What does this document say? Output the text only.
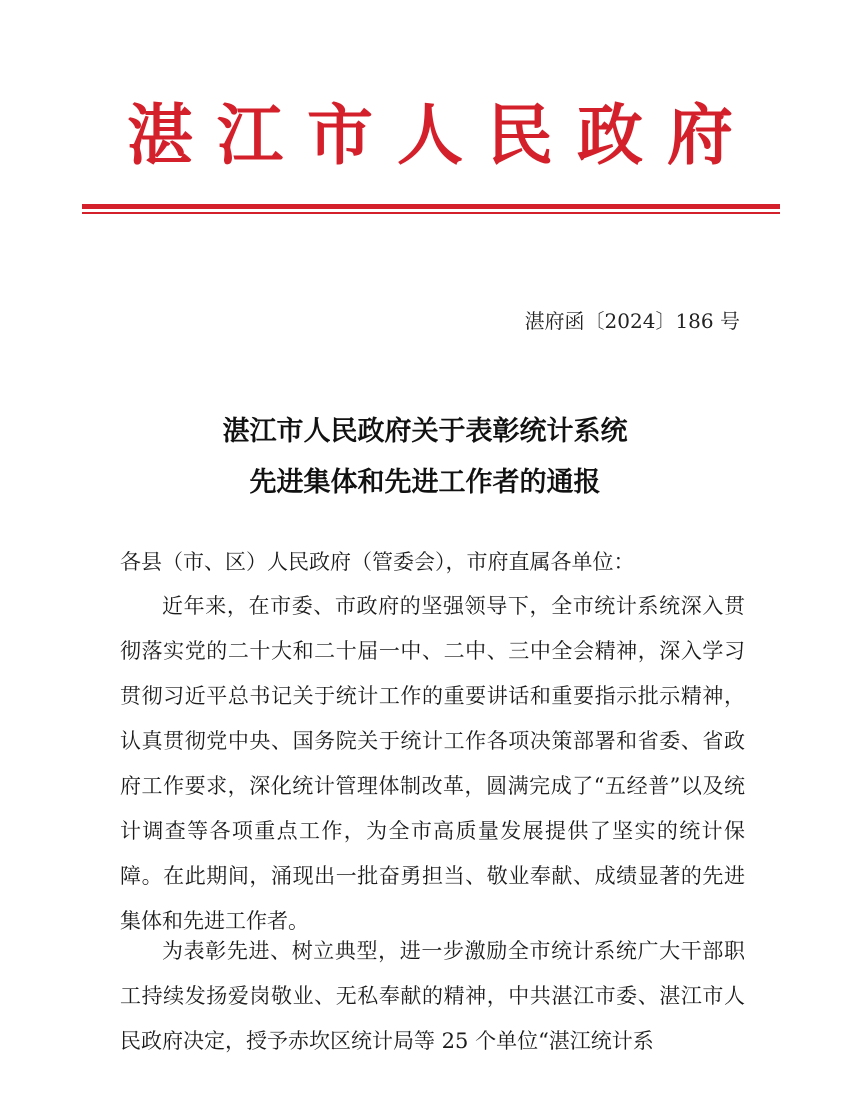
湛江市人民政府
湛府函〔2024〕186 号
湛江市人民政府关于表彰统计系统
先进集体和先进工作者的通报
各县（市、区）人民政府（管委会），市府直属各单位：
近年来，在市委、市政府的坚强领导下，全市统计系统深入贯彻落实党的二十大和二十届一中、二中、三中全会精神，深入学习贯彻习近平总书记关于统计工作的重要讲话和重要指示批示精神，认真贯彻党中央、国务院关于统计工作各项决策部署和省委、省政府工作要求，深化统计管理体制改革，圆满完成了“五经普”以及统计调查等各项重点工作，为全市高质量发展提供了坚实的统计保障。在此期间，涌现出一批奋勇担当、敬业奉献、成绩显著的先进集体和先进工作者。
为表彰先进、树立典型，进一步激励全市统计系统广大干部职工持续发扬爱岗敬业、无私奉献的精神，中共湛江市委、湛江市人民政府决定，授予赤坎区统计局等 25 个单位“湛江统计系
